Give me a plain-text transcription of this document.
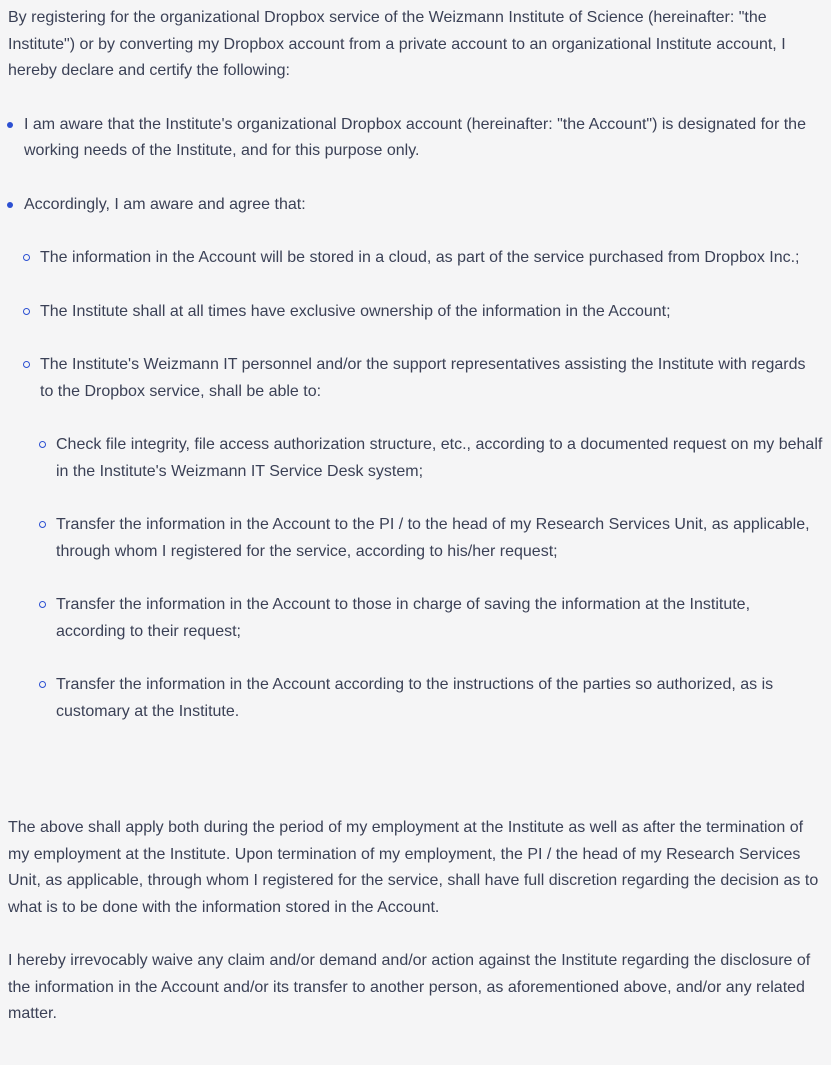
By registering for the organizational Dropbox service of the Weizmann Institute of Science (hereinafter: "the Institute") or by converting my Dropbox account from a private account to an organizational Institute account, I hereby declare and certify the following:

I am aware that the Institute's organizational Dropbox account (hereinafter: "the Account") is designated for the working needs of the Institute, and for this purpose only.
Accordingly, I am aware and agree that:
The information in the Account will be stored in a cloud, as part of the service purchased from Dropbox Inc.;
The Institute shall at all times have exclusive ownership of the information in the Account;
The Institute's Weizmann IT personnel and/or the support representatives assisting the Institute with regards to the Dropbox service, shall be able to:
Check file integrity, file access authorization structure, etc., according to a documented request on my behalf in the Institute's Weizmann IT Service Desk system;
Transfer the information in the Account to the PI / to the head of my Research Services Unit, as applicable, through whom I registered for the service, according to his/her request;
Transfer the information in the Account to those in charge of saving the information at the Institute, according to their request;
Transfer the information in the Account according to the instructions of the parties so authorized, as is customary at the Institute.

The above shall apply both during the period of my employment at the Institute as well as after the termination of my employment at the Institute. Upon termination of my employment, the PI / the head of my Research Services Unit, as applicable, through whom I registered for the service, shall have full discretion regarding the decision as to what is to be done with the information stored in the Account.

I hereby irrevocably waive any claim and/or demand and/or action against the Institute regarding the disclosure of the information in the Account and/or its transfer to another person, as aforementioned above, and/or any related matter.
